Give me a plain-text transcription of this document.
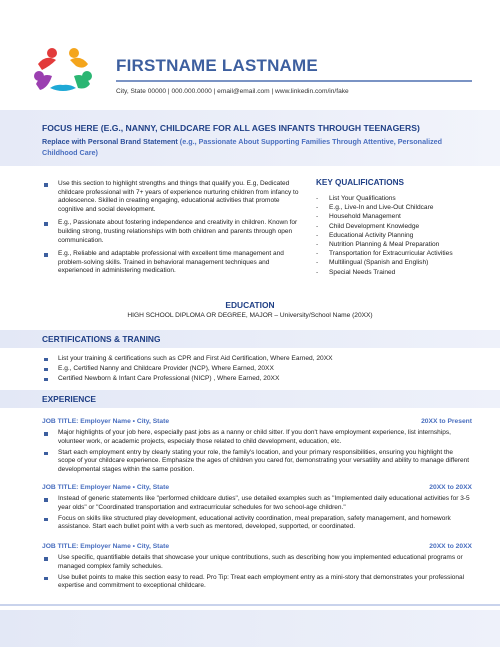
FIRSTNAME LASTNAME
City, State 00000 | 000.000.0000 | email@email.com | www.linkedin.com/in/fake
FOCUS HERE (E.G., NANNY, CHILDCARE FOR ALL AGES INFANTS THROUGH TEENAGERS)
Replace with Personal Brand Statement (e.g., Passionate About Supporting Families Through Attentive, Personalized Childhood Care)
Use this section to highlight strengths and things that qualify you. E.g, Dedicated childcare professional with 7+ years of experience nurturing children from infancy to adolescence. Skilled in creating engaging, educational activities that promote cognitive and social development.
E.g., Passionate about fostering independence and creativity in children. Known for building strong, trusting relationships with both children and parents through open communication.
E.g., Reliable and adaptable professional with excellent time management and problem-solving skills. Trained in behavioral management techniques and experienced in administering medication.
KEY QUALIFICATIONS
- List Your Qualifications
- E.g., Live-In and Live-Out Childcare
- Household Management
- Child Development Knowledge
- Educational Activity Planning
- Nutrition Planning & Meal Preparation
- Transportation for Extracurricular Activities
- Multilingual (Spanish and English)
- Special Needs Trained
EDUCATION
HIGH SCHOOL DIPLOMA OR DEGREE, MAJOR – University/School Name (20XX)
CERTIFICATIONS & TRANING
List your training & certifications such as CPR and First Aid Certification, Where Earned, 20XX
E.g., Certified Nanny and Childcare Provider (NCP), Where Earned, 20XX
Certified Newborn & Infant Care Professional (NICP) , Where Earned, 20XX
EXPERIENCE
JOB TITLE: Employer Name • City, State	20XX to Present
Major highlights of your job here, especially past jobs as a nanny or child sitter. If you don't have employment experience, list internships, volunteer work, or academic projects, especialy those related to child development, education, etc.
Start each employment entry by clearly stating your role, the family's location, and your primary responsibilities, ensuring you highlight the scope of your childcare experience. Emphasize the ages of children you cared for, demonstrating your versatility and ability to manage different developmental stages within the same position.
JOB TITLE: Employer Name • City, State	20XX to 20XX
Instead of generic statements like "performed childcare duties", use detailed examples such as "Implemented daily educational activities for 3-5 year olds" or "Coordinated transportation and extracurricular schedules for two school-age children."
Focus on skills like structured play development, educational activity coordination, meal preparation, safety management, and homework assistance. Start each bullet point with a verb such as mentored, developed, supported, or coordinated.
JOB TITLE: Employer Name • City, State	20XX to 20XX
Use specific, quantifiable details that showcase your unique contributions, such as describing how you implemented educational programs or managed complex family schedules.
Use bullet points to make this section easy to read. Pro Tip: Treat each employment entry as a mini-story that demonstrates your professional expertise and commitment to exceptional childcare.
